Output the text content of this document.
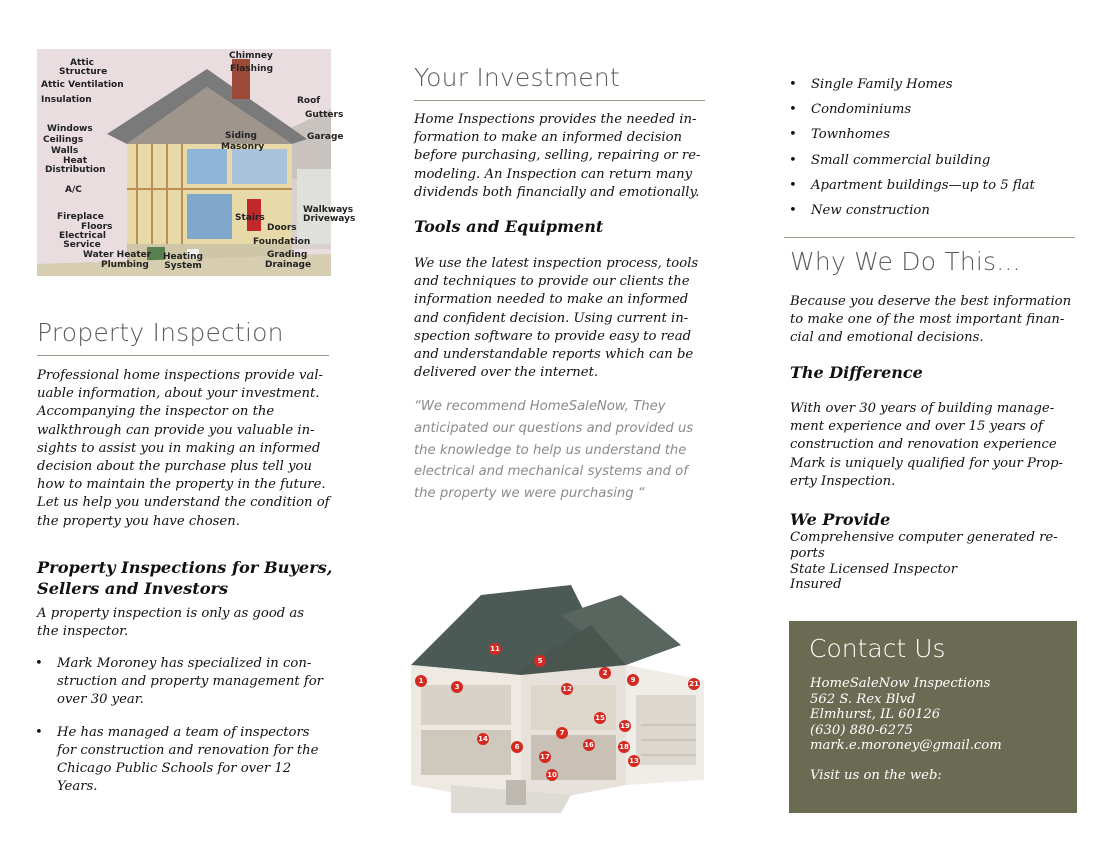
Attic Structure
Attic Ventilation
Insulation
Chimney
Flashing
Roof
Gutters
Windows
Ceilings
Walls
Heat Distribution
Siding
Masonry
Garage
A/C
Fireplace
Floors
Electrical Service
Stairs
Doors
Walkways Driveways
Foundation
Water Heater
Plumbing
Heating System
Grading
Drainage
Property Inspection
Professional home inspections provide val-uable information, about your investment. Accompanying the inspector on the walkthrough can provide you valuable in-sights to assist you in making an informed decision about the purchase plus tell you how to maintain the property in the future. Let us help you understand the condition of the property you have chosen.
Property Inspections for Buyers,
Sellers and Investors
A property inspection is only as good as the inspector.
• Mark Moroney has specialized in con-struction and property management for over 30 year.
• He has managed a team of inspectors for construction and renovation for the Chicago Public Schools for over 12 Years.
Your Investment
Home Inspections provides the needed in-formation to make an informed decision before purchasing, selling, repairing or re-modeling. An Inspection can return many dividends both financially and emotionally.
Tools and Equipment
We use the latest inspection process, tools and techniques to provide our clients the information needed to make an informed and confident decision. Using current in-spection software to provide easy to read and understandable reports which can be delivered over the internet.
“We recommend HomeSaleNow, They anticipated our questions and provided us the knowledge to help us understand the electrical and mechanical systems and of the property we were purchasing “
11
5
12
9	21
2
3
15
14
6
17
7
16	18
13
19
1
10
• Single Family Homes
• Condominiums
• Townhomes
• Small commercial building
• Apartment buildings—up to 5 flat
• New construction
Why We Do This...
Because you deserve the best information to make one of the most important finan-cial and emotional decisions.
The Difference
With over 30 years of building manage-ment experience and over 15 years of construction and renovation experience Mark is uniquely qualified for your Prop-erty Inspection.
We Provide
Comprehensive computer generated re-ports
State Licensed Inspector
Insured
Contact Us
HomeSaleNow Inspections
562 S. Rex Blvd
Elmhurst, IL 60126
(630) 880-6275
mark.e.moroney@gmail.com
Visit us on the web:
